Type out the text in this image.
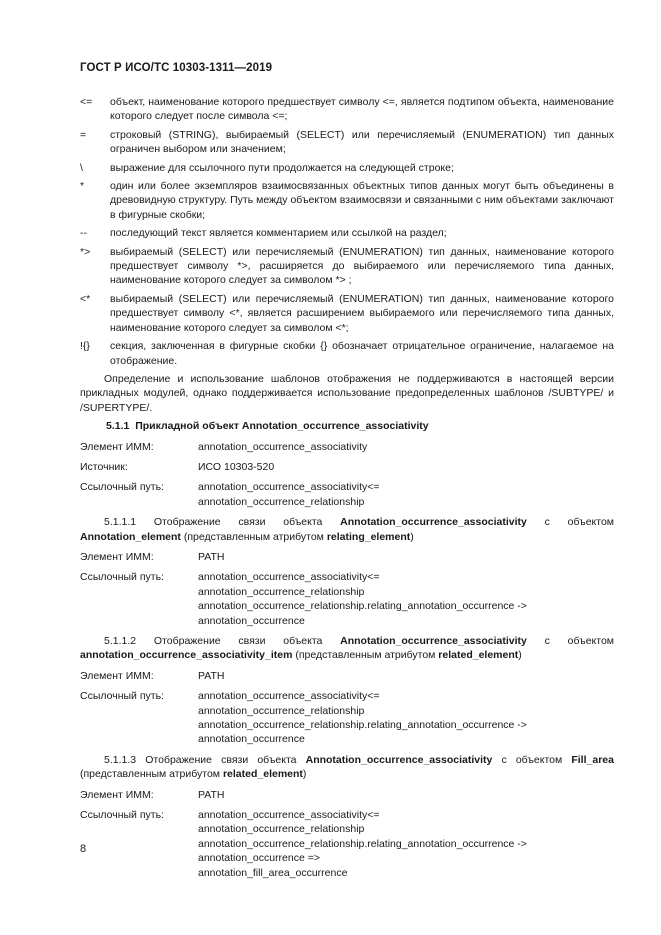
ГОСТ Р ИСО/ТС 10303-1311—2019
<=	объект, наименование которого предшествует символу <=, является подтипом объекта, наименование которого следует после символа <=;
=	строковый (STRING), выбираемый (SELECT) или перечисляемый (ENUMERATION) тип данных ограничен выбором или значением;
\	выражение для ссылочного пути продолжается на следующей строке;
*	один или более экземпляров взаимосвязанных объектных типов данных могут быть объединены в древовидную структуру. Путь между объектом взаимосвязи и связанными с ним объектами заключают в фигурные скобки;
--	последующий текст является комментарием или ссылкой на раздел;
*>	выбираемый (SELECT) или перечисляемый (ENUMERATION) тип данных, наименование которого предшествует символу *>, расширяется до выбираемого или перечисляемого типа данных, наименование которого следует за символом *> ;
<*	выбираемый (SELECT) или перечисляемый (ENUMERATION) тип данных, наименование которого предшествует символу <*, является расширением выбираемого или перечисляемого типа данных, наименование которого следует за символом <*;
!{}	секция, заключенная в фигурные скобки {} обозначает отрицательное ограничение, налагаемое на отображение.
Определение и использование шаблонов отображения не поддерживаются в настоящей версии прикладных модулей, однако поддерживается использование предопределенных шаблонов /SUBTYPE/ и /SUPERTYPE/.
5.1.1 Прикладной объект Annotation_occurrence_associativity
Элемент ИММ:	annotation_occurrence_associativity
Источник:	ИСО 10303-520
Ссылочный путь:	annotation_occurrence_associativity<=
annotation_occurrence_relationship
5.1.1.1 Отображение связи объекта Annotation_occurrence_associativity с объектом Annotation_element (представленным атрибутом relating_element)
Элемент ИММ:	PATH
Ссылочный путь:	annotation_occurrence_associativity<=
annotation_occurrence_relationship
annotation_occurrence_relationship.relating_annotation_occurrence ->
annotation_occurrence
5.1.1.2 Отображение связи объекта Annotation_occurrence_associativity с объектом annotation_occurrence_associativity_item (представленным атрибутом related_element)
Элемент ИММ:	PATH
Ссылочный путь:	annotation_occurrence_associativity<=
annotation_occurrence_relationship
annotation_occurrence_relationship.relating_annotation_occurrence ->
annotation_occurrence
5.1.1.3 Отображение связи объекта Annotation_occurrence_associativity с объектом Fill_area (представленным атрибутом related_element)
Элемент ИММ:	PATH
Ссылочный путь:	annotation_occurrence_associativity<=
annotation_occurrence_relationship
annotation_occurrence_relationship.relating_annotation_occurrence ->
annotation_occurrence =>
annotation_fill_area_occurrence
8
